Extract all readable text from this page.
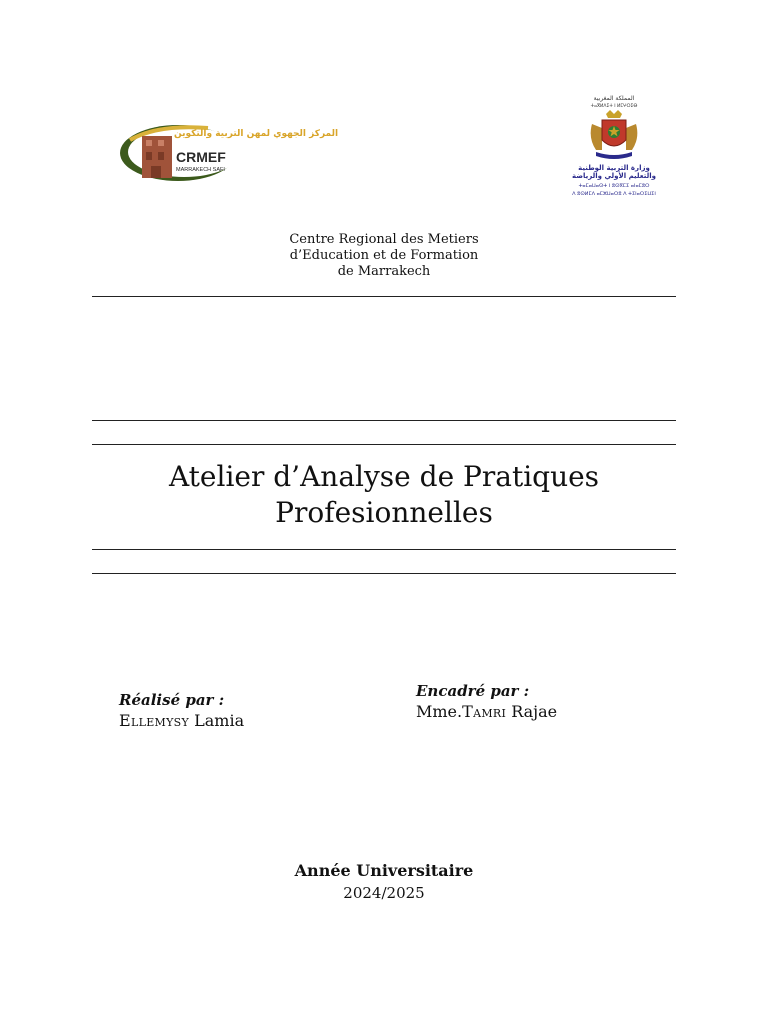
المركز الجهوي لمهن التربية والتكوين
CRMEF
MARRAKECH SAFI
المملكة المغربية
ⵜⴰⴳⵍⴷⵉⵜ ⵏ ⵍⵎⵖⵔⵉⴱ
وزارة التربية الوطنية
والتعليم الأولي والرياضة
ⵜⴰⵎⴰⵡⴰⵙⵜ ⵏ ⵓⵙⴳⵎⵉ ⴰⵏⴰⵎⵓⵔ
ⴷ ⵓⵙⵍⵎⴷ ⴰⵎⵣⵡⴰⵔⵓ ⴷ ⵜⵉⵏⴰⵔⵉⵡⵉⵏ
Centre Regional des Metiers
d’Education et de Formation
de Marrakech
Atelier d’Analyse de Pratiques
Profesionnelles
Réalisé par :
Ellemysy Lamia
Encadré par :
Mme.Tamri Rajae
Année Universitaire
2024/2025
